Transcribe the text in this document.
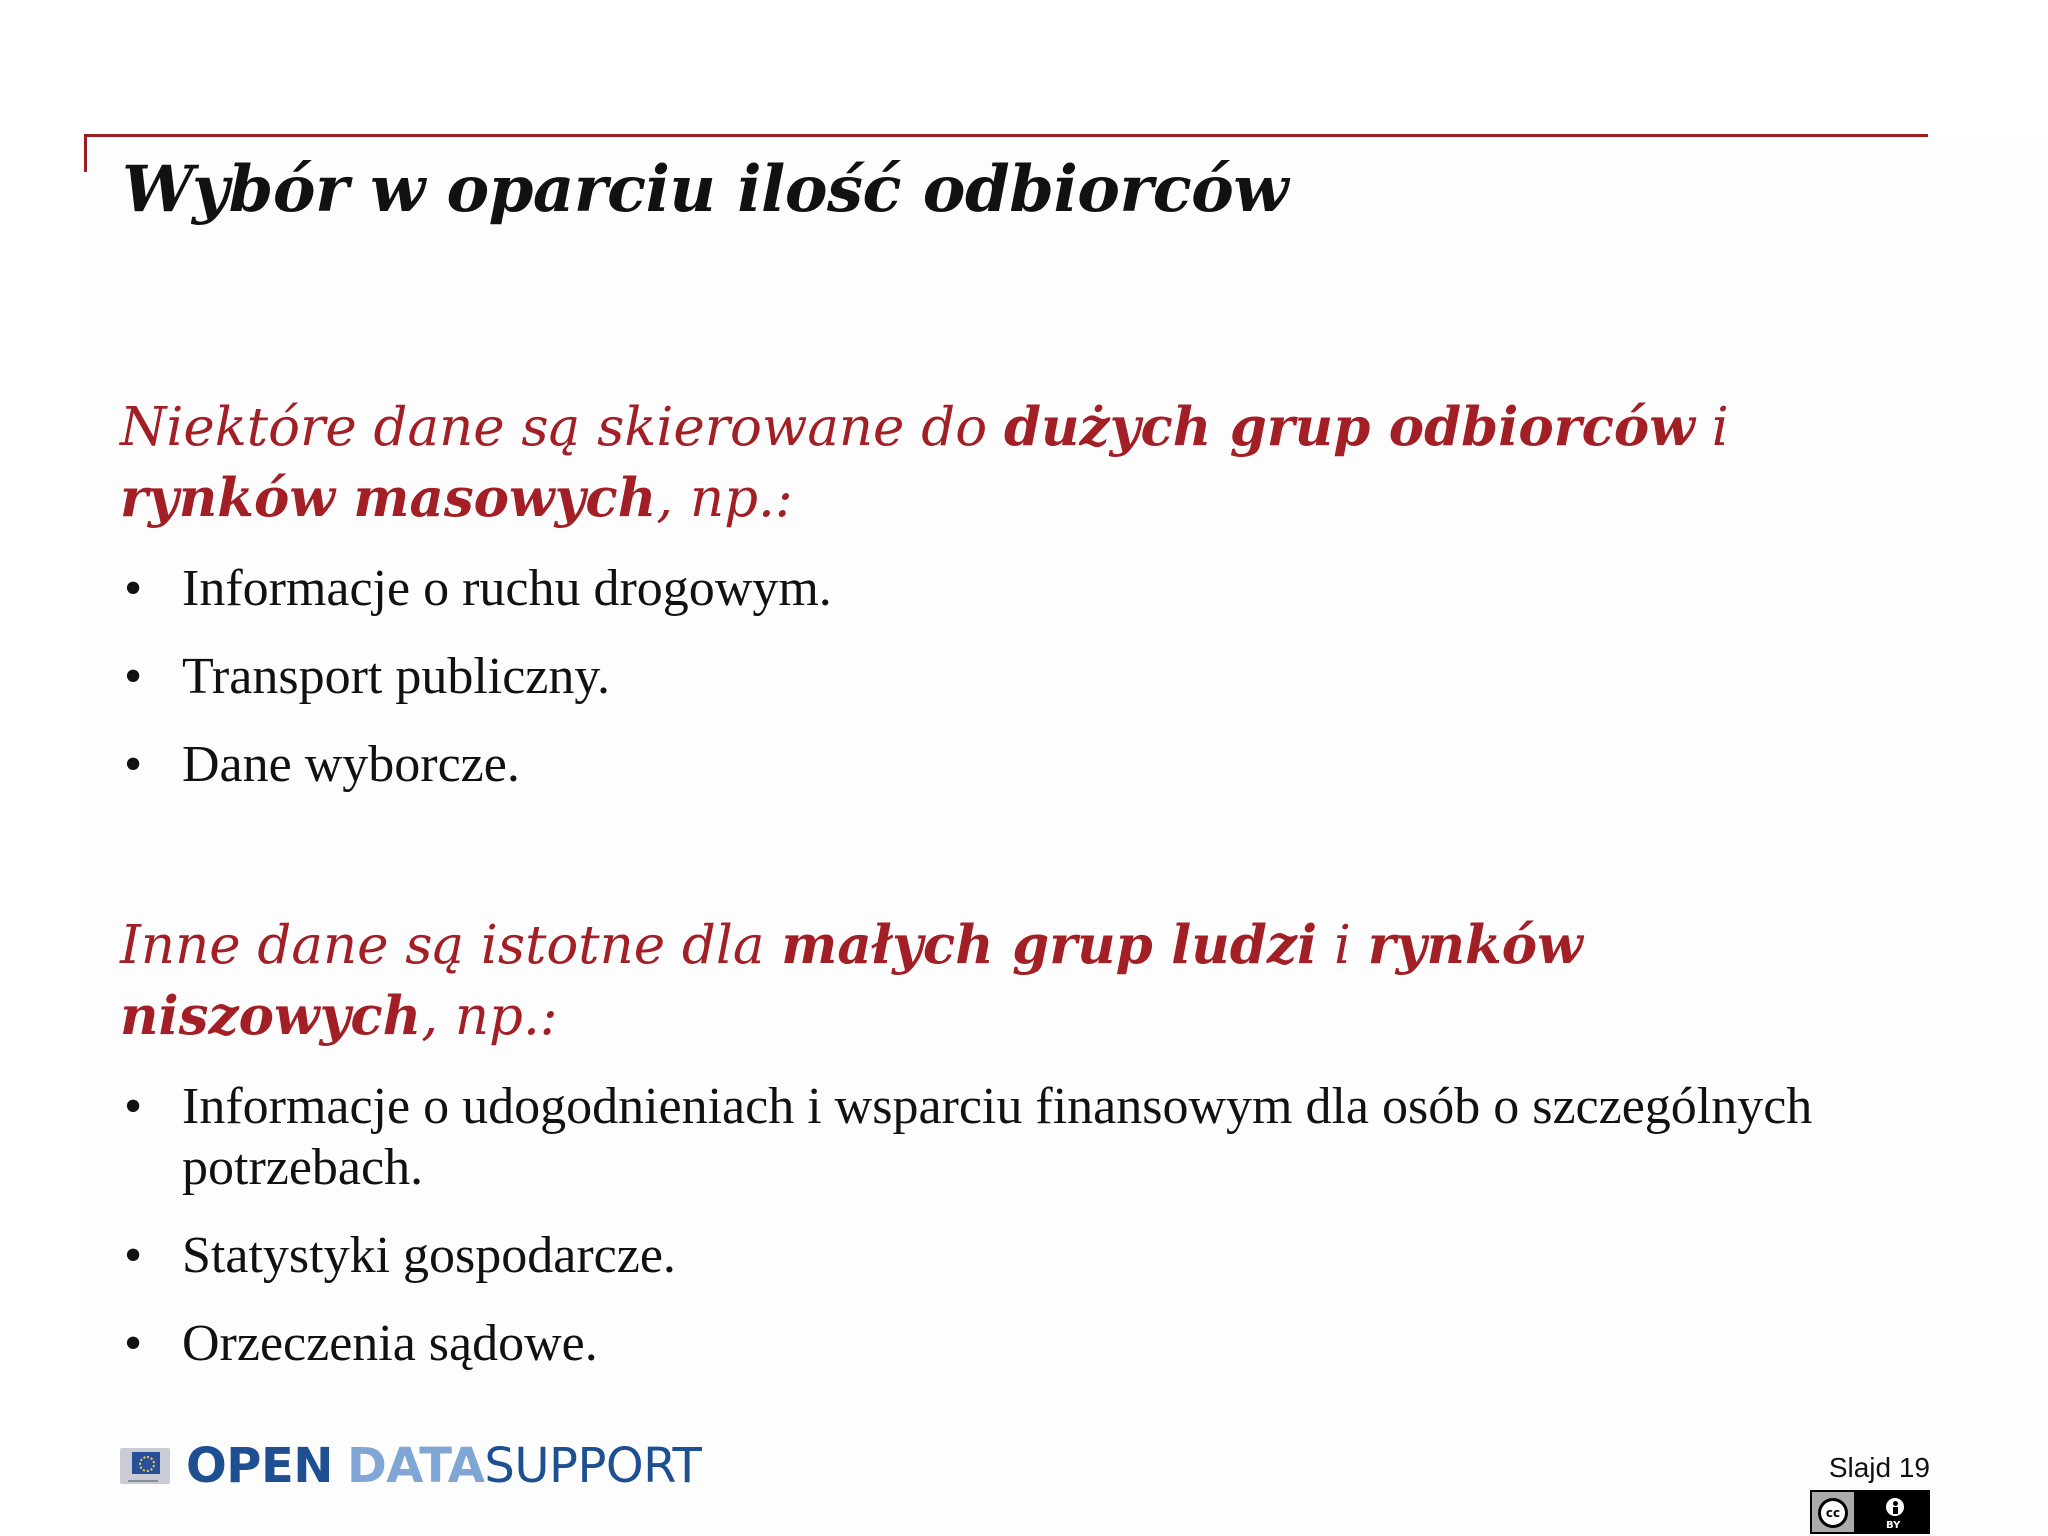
Wybór w oparciu ilość odbiorców
Niektóre dane są skierowane do dużych grup odbiorców i rynków masowych, np.:
• Informacje o ruchu drogowym.
• Transport publiczny.
• Dane wyborcze.
Inne dane są istotne dla małych grup ludzi i rynków niszowych, np.:
• Informacje o udogodnieniach i wsparciu finansowym dla osób o szczególnych potrzebach.
• Statystyki gospodarcze.
• Orzeczenia sądowe.
OPEN DATA SUPPORT	Slajd 19
cc
BY
